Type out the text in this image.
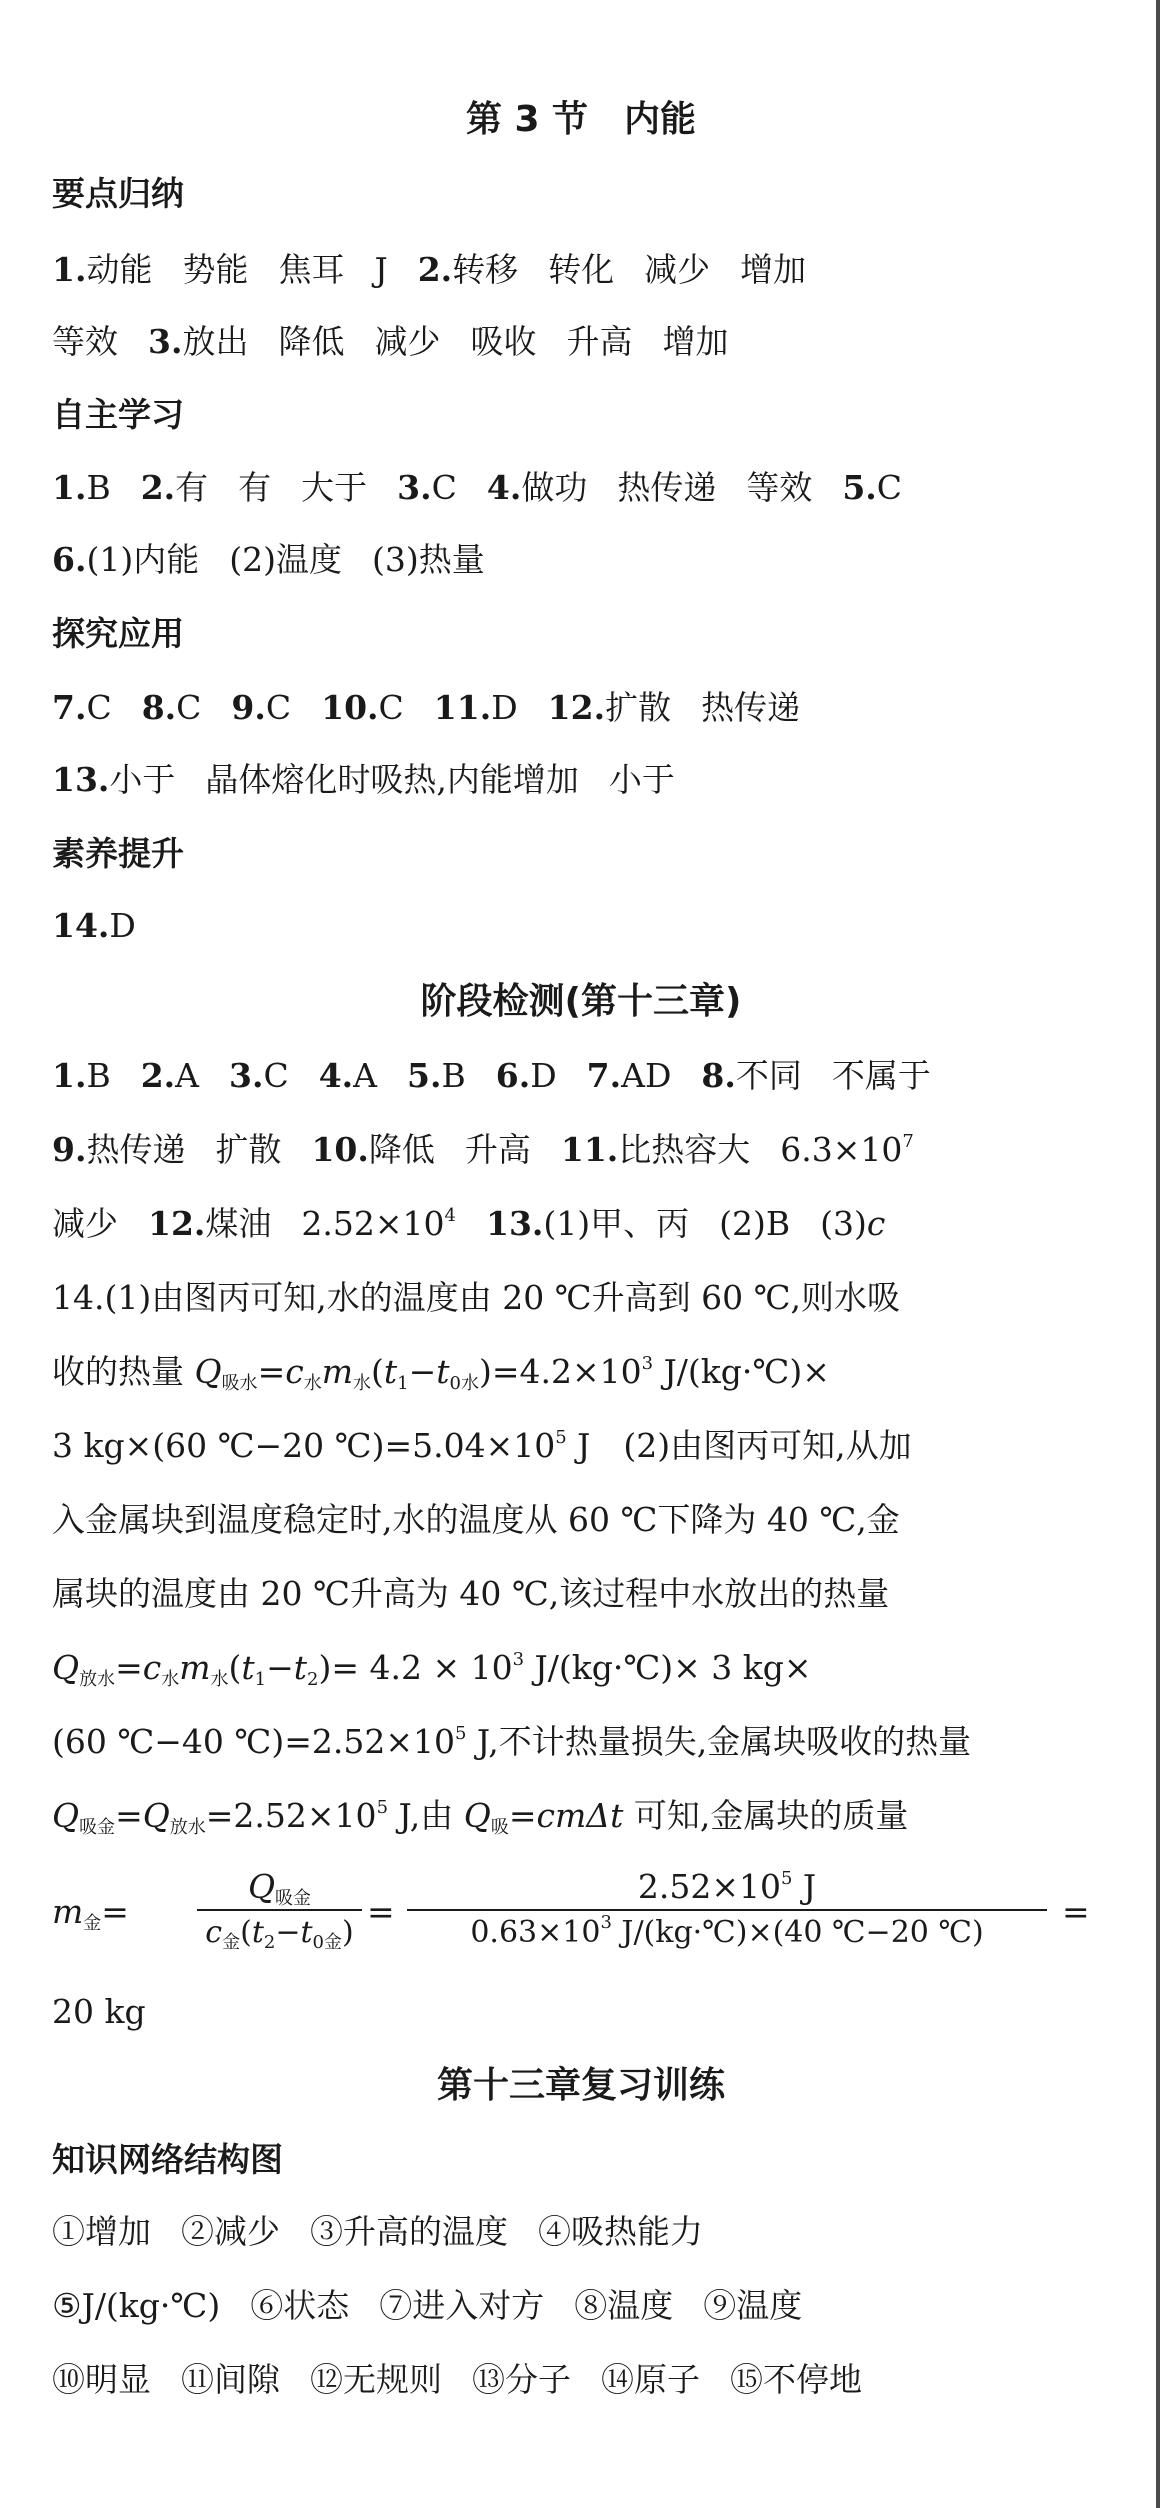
第 3 节　内能
要点归纳
1.动能 势能 焦耳 J 2.转移 转化 减少 增加
等效 3.放出 降低 减少 吸收 升高 增加
自主学习
1.B 2.有 有 大于 3.C 4.做功 热传递 等效 5.C
6.(1)内能 (2)温度 (3)热量
探究应用
7.C 8.C 9.C 10.C 11.D 12.扩散 热传递
13.小于 晶体熔化时吸热,内能增加 小于
素养提升
14.D
阶段检测(第十三章)
1.B 2.A 3.C 4.A 5.B 6.D 7.AD 8.不同 不属于
9.热传递 扩散 10.降低 升高 11.比热容大 $6.3\times 10^7$
减少 12.煤油 $2.52\times 10^4$ 13.(1)甲、丙 (2)B (3)c
14.(1)由图丙可知,水的温度由 20 ℃升高到 60 ℃,则水吸
收的热量 $Q_{吸水}=c_水m_水(t_1-t_{0水})=4.2\times 10^3$ J/(kg·℃)×
3 kg×(60 ℃−20 $℃)=5.04\times 10^5$ J　(2)由图丙可知,从加
入金属块到温度稳定时,水的温度从 60 ℃下降为 40 ℃,金
属块的温度由 20 ℃升高为 40 ℃,该过程中水放出的热量
$Q_{放水}=c_水m_水(t_1-t_2)= 4.2 \times 10^3$ J/(kg·℃)× 3 kg×
(60 ℃−40 $℃)=2.52\times 10^5$ J,不计热量损失,金属块吸收的热量
$Q_{吸金}=Q_{放水}=2.52\times 10^5$ J,由 $Q_吸=cm\Delta t$ 可知,金属块的质量
$m_金=$
$Q_{吸金}$
$c_金(t_2-t_{0金})$
= $\frac{2.52\times 10^5 J}{0.63\times 10^3 J/(kg\cdot℃)\times(40 ℃-20 ℃)}$ =
20 kg
第十三章复习训练
知识网络结构图
①增加 ②减少 ③升高的温度 ④吸热能力
⑤J/(kg·℃) ⑥状态 ⑦进入对方 ⑧温度 ⑨温度
⑩明显 ⑪间隙 ⑫无规则 ⑬分子 ⑭原子 ⑮不停地
